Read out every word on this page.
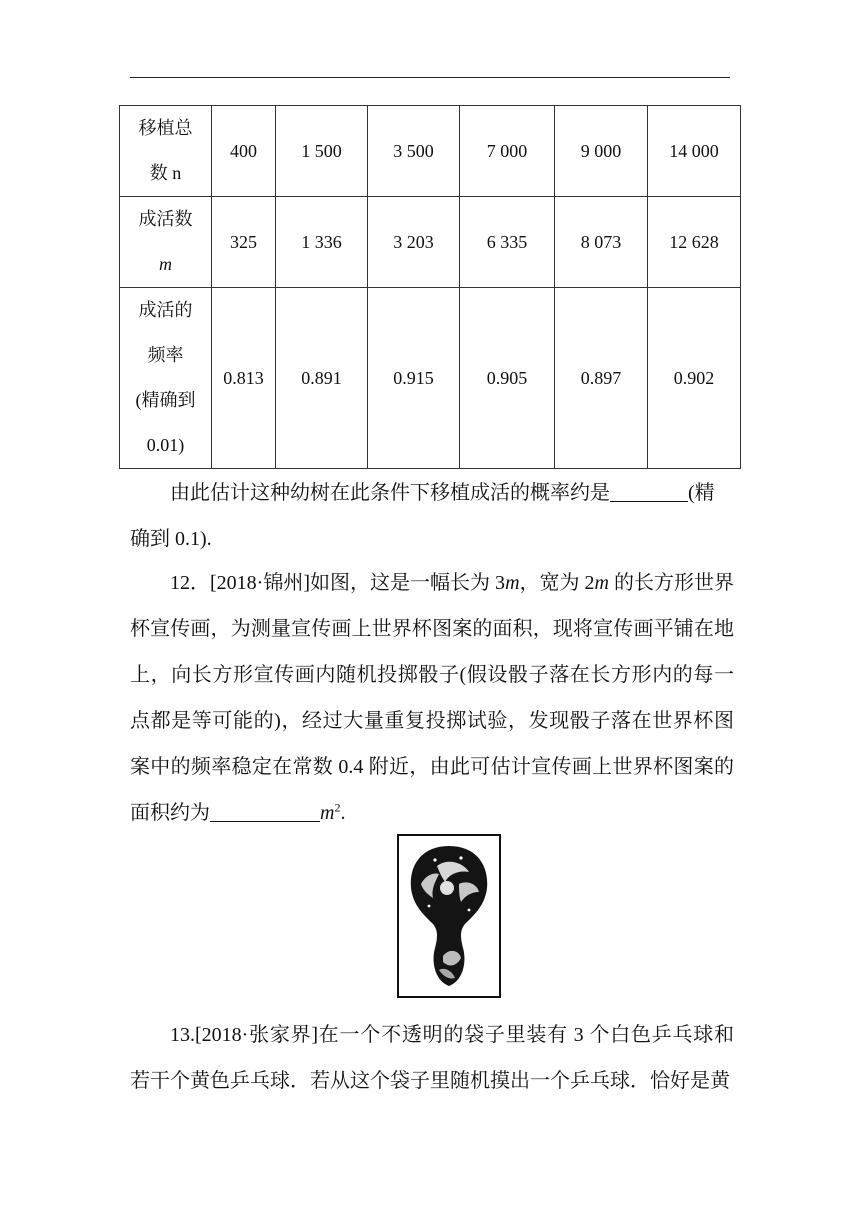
移植总
数 n	400	1 500	3 500	7 000	9 000	14 000

成活数
m	325	1 336	3 203	6 335	8 073	12 628

成活的
频率
(精确到
0.01)	0.813	0.891	0.915	0.905	0.897	0.902

由此估计这种幼树在此条件下移植成活的概率约是	(精
确到 0.1).

12．[2018·锦州]如图，这是一幅长为 3m，宽为 2m 的长方形世界杯宣传画，为测量宣传画上世界杯图案的面积，现将宣传画平铺在地上，向长方形宣传画内随机投掷骰子(假设骰子落在长方形内的每一点都是等可能的)，经过大量重复投掷试验，发现骰子落在世界杯图案中的频率稳定在常数 0.4 附近，由此可估计宣传画上世界杯图案的面积约为	$m^2$.

13.[2018·张家界]在一个不透明的袋子里装有 3 个白色乒乓球和若干个黄色乒乓球．若从这个袋子里随机摸出一个乒乓球．恰好是黄
